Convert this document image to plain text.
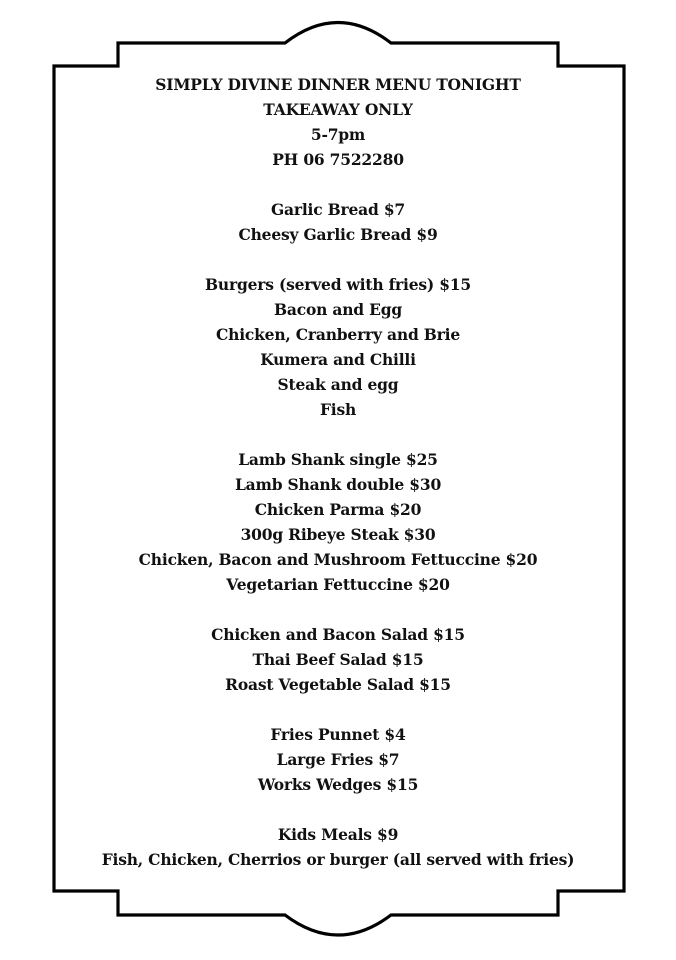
SIMPLY DIVINE DINNER MENU TONIGHT
TAKEAWAY ONLY
5-7pm
PH 06 7522280
Garlic Bread $7
Cheesy Garlic Bread $9
Burgers (served with fries) $15
Bacon and Egg
Chicken, Cranberry and Brie
Kumera and Chilli
Steak and egg
Fish
Lamb Shank single $25
Lamb Shank double $30
Chicken Parma $20
300g Ribeye Steak $30
Chicken, Bacon and Mushroom Fettuccine $20
Vegetarian Fettuccine $20
Chicken and Bacon Salad $15
Thai Beef Salad $15
Roast Vegetable Salad $15
Fries Punnet $4
Large Fries $7
Works Wedges $15
Kids Meals $9
Fish, Chicken, Cherrios or burger (all served with fries)
